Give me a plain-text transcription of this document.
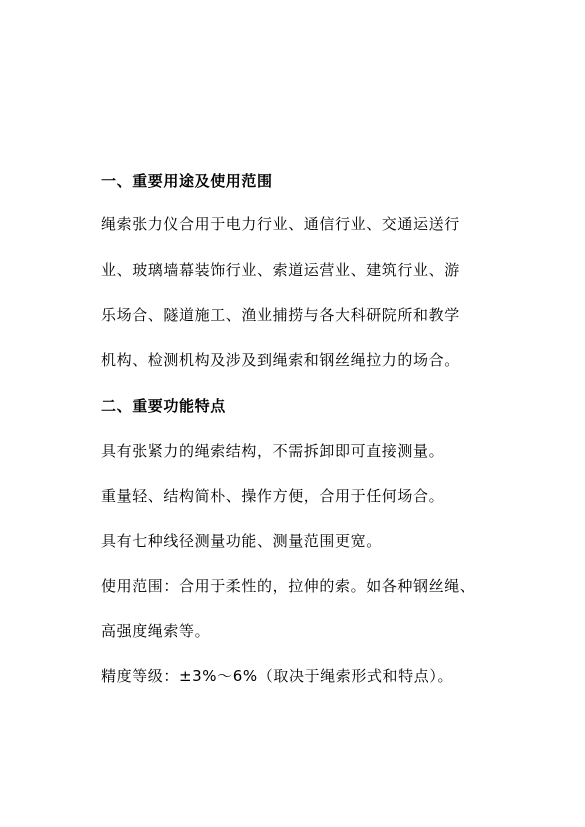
一、重要用途及使用范围
绳索张力仪合用于电力行业、通信行业、交通运送行
业、玻璃墙幕装饰行业、索道运营业、建筑行业、游
乐场合、隧道施工、渔业捕捞与各大科研院所和教学
机构、检测机构及涉及到绳索和钢丝绳拉力的场合。
二、重要功能特点
具有张紧力的绳索结构，不需拆卸即可直接测量。
重量轻、结构简朴、操作方便，合用于任何场合。
具有七种线径测量功能、测量范围更宽。
使用范围：合用于柔性的，拉伸的索。如各种钢丝绳、
高强度绳索等。
精度等级：±3%～6%（取决于绳索形式和特点）。
